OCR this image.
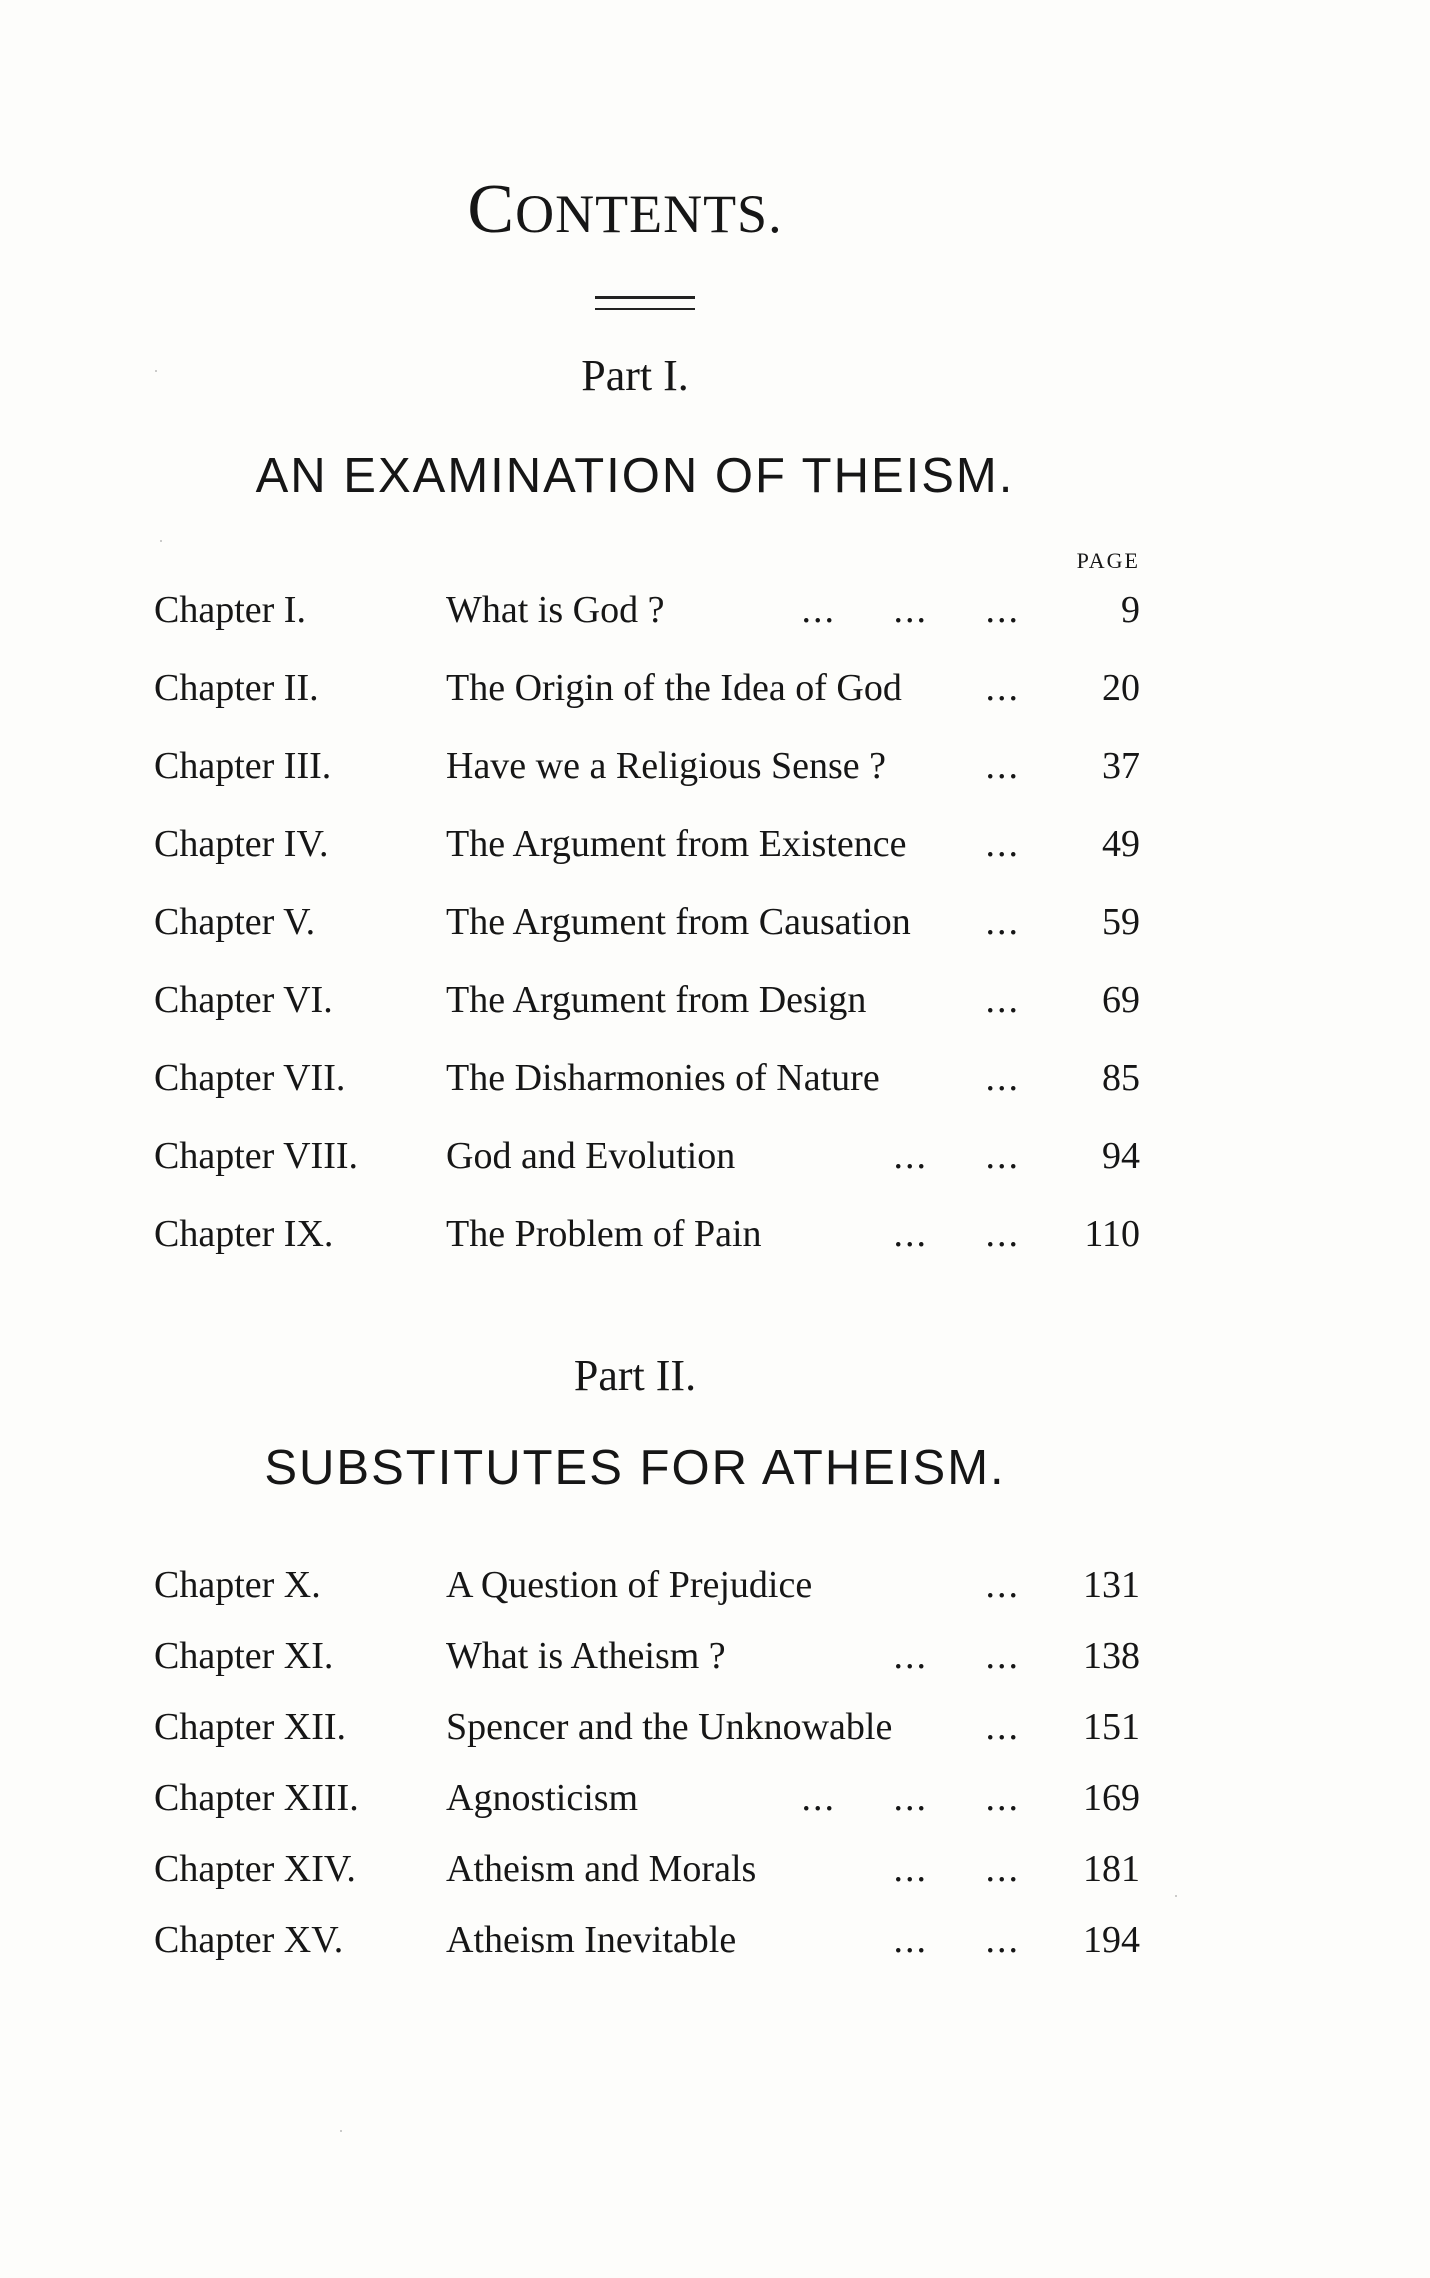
CONTENTS.
Part I.
AN EXAMINATION OF THEISM.
PAGE
Chapter I.	What is God ?	...     ...     ...	9
Chapter II.	The Origin of the Idea of God	...	20
Chapter III.	Have we a Religious Sense ?	...	37
Chapter IV.	The Argument from Existence	...	49
Chapter V.	The Argument from Causation	...	59
Chapter VI.	The Argument from Design	...	69
Chapter VII.	The Disharmonies of Nature	...	85
Chapter VIII. God and Evolution	...     ...	94
Chapter IX.	The Problem of Pain	...     ...	110
Part II.
SUBSTITUTES FOR ATHEISM.
Chapter X.	A Question of Prejudice	...	131
Chapter XI.	What is Atheism ?	...     ...	138
Chapter XII.	Spencer and the Unknowable	...	151
Chapter XIII. Agnosticism	...     ...     ...	169
Chapter XIV. Atheism and Morals	...     ...	181
Chapter XV.	Atheism Inevitable	...     ...	194
